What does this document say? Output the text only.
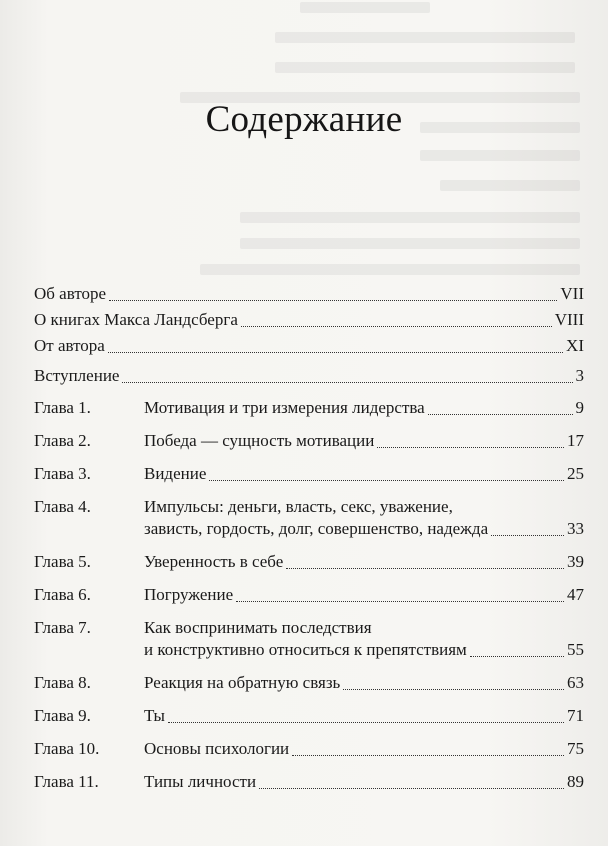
Содержание
Об авторе	VII
О книгах Макса Ландсберга	VIII
От автора	XI
Вступление	3
Глава 1.	Мотивация и три измерения лидерства	9
Глава 2.	Победа — сущность мотивации	17
Глава 3.	Видение	25
Глава 4.	Импульсы: деньги, власть, секс, уважение,
зависть, гордость, долг, совершенство, надежда	33
Глава 5.	Уверенность в себе	39
Глава 6.	Погружение	47
Глава 7.	Как воспринимать последствия
и конструктивно относиться к препятствиям	55
Глава 8.	Реакция на обратную связь	63
Глава 9.	Ты	71
Глава 10.	Основы психологии	75
Глава 11.	Типы личности	89
